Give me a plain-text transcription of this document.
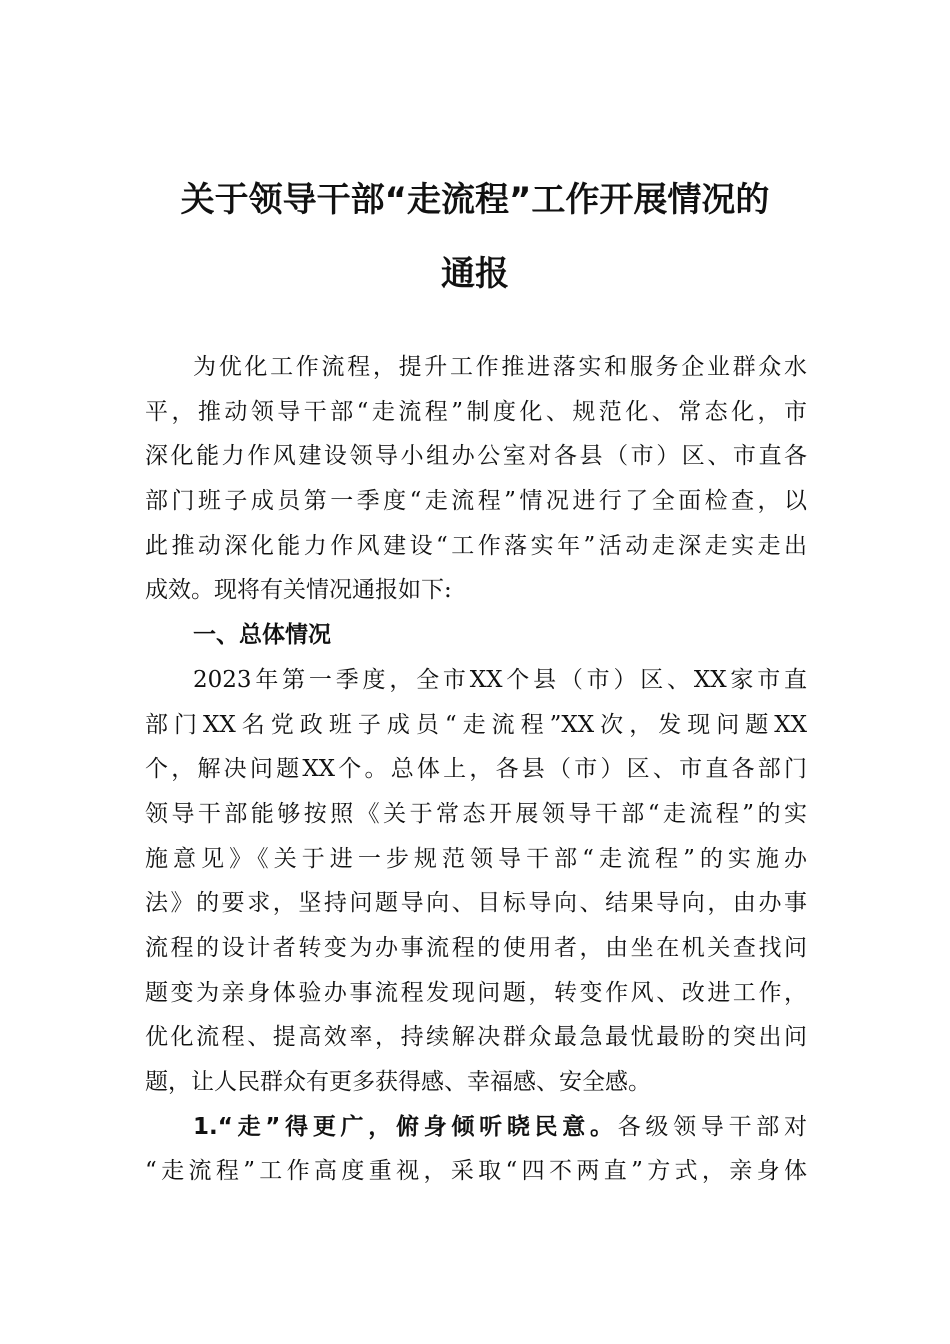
关于领导干部“走流程”工作开展情况的
通报
为优化工作流程，提升工作推进落实和服务企业群众水
平，推动领导干部“走流程”制度化、规范化、常态化，市
深化能力作风建设领导小组办公室对各县（市）区、市直各
部门班子成员第一季度“走流程”情况进行了全面检查，以
此推动深化能力作风建设“工作落实年”活动走深走实走出
成效。现将有关情况通报如下:
一、总体情况
2023年第一季度，全市XX个县（市）区、XX家市直
部门XX名党政班子成员“走流程”XX次，发现问题XX
个，解决问题XX个。总体上，各县（市）区、市直各部门
领导干部能够按照《关于常态开展领导干部“走流程”的实
施意见》《关于进一步规范领导干部“走流程”的实施办
法》的要求，坚持问题导向、目标导向、结果导向，由办事
流程的设计者转变为办事流程的使用者，由坐在机关查找问
题变为亲身体验办事流程发现问题，转变作风、改进工作，
优化流程、提高效率，持续解决群众最急最忧最盼的突出问
题，让人民群众有更多获得感、幸福感、安全感。
1.“走”得更广，俯身倾听晓民意。各级领导干部对
“走流程”工作高度重视，采取“四不两直”方式，亲身体
